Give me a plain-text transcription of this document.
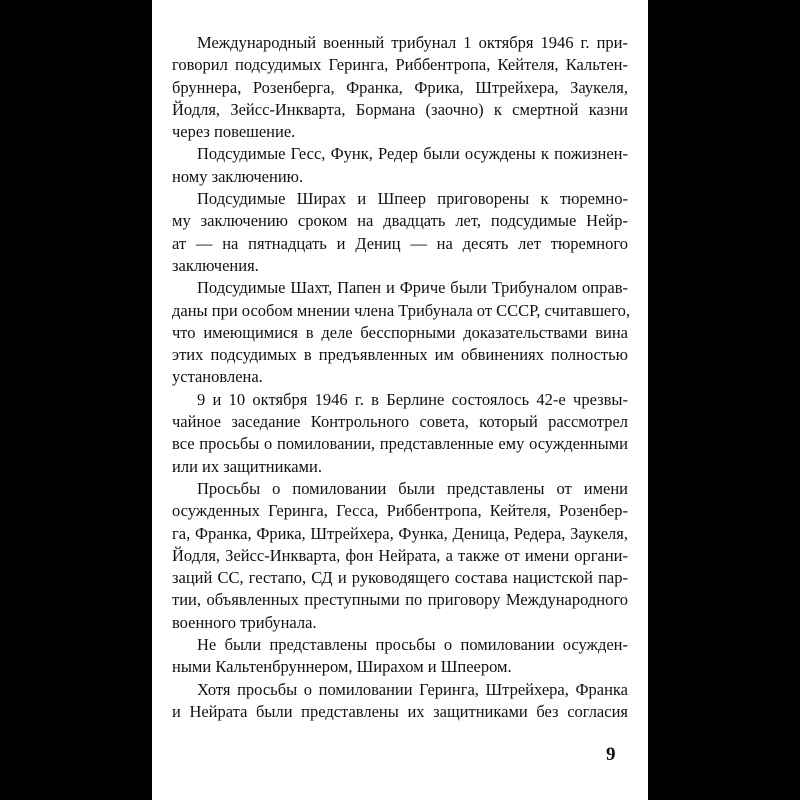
Международный военный трибунал 1 октября 1946 г. при-
говорил подсудимых Геринга, Риббентропа, Кейтеля, Кальтен-
бруннера, Розенберга, Франка, Фрика, Штрейхера, Заукеля,
Йодля, Зейсс-Инкварта, Бормана (заочно) к смертной казни
через повешение.

Подсудимые Гесс, Функ, Редер были осуждены к пожизнен-
ному заключению.

Подсудимые Ширах и Шпеер приговорены к тюремно-
му заключению сроком на двадцать лет, подсудимые Нейр-
ат — на пятнадцать и Дениц — на десять лет тюремного
заключения.

Подсудимые Шахт, Папен и Фриче были Трибуналом оправ-
даны при особом мнении члена Трибунала от СССР, считавшего,
что имеющимися в деле бесспорными доказательствами вина
этих подсудимых в предъявленных им обвинениях полностью
установлена.

9 и 10 октября 1946 г. в Берлине состоялось 42-е чрезвы-
чайное заседание Контрольного совета, который рассмотрел
все просьбы о помиловании, представленные ему осужденными
или их защитниками.

Просьбы о помиловании были представлены от имени
осужденных Геринга, Гесса, Риббентропа, Кейтеля, Розенбер-
га, Франка, Фрика, Штрейхера, Функа, Деница, Редера, Заукеля,
Йодля, Зейсс-Инкварта, фон Нейрата, а также от имени органи-
заций СС, гестапо, СД и руководящего состава нацистской пар-
тии, объявленных преступными по приговору Международного
военного трибунала.

Не были представлены просьбы о помиловании осужден-
ными Кальтенбруннером, Ширахом и Шпеером.

Хотя просьбы о помиловании Геринга, Штрейхера, Франка
и Нейрата были представлены их защитниками без согласия

9
